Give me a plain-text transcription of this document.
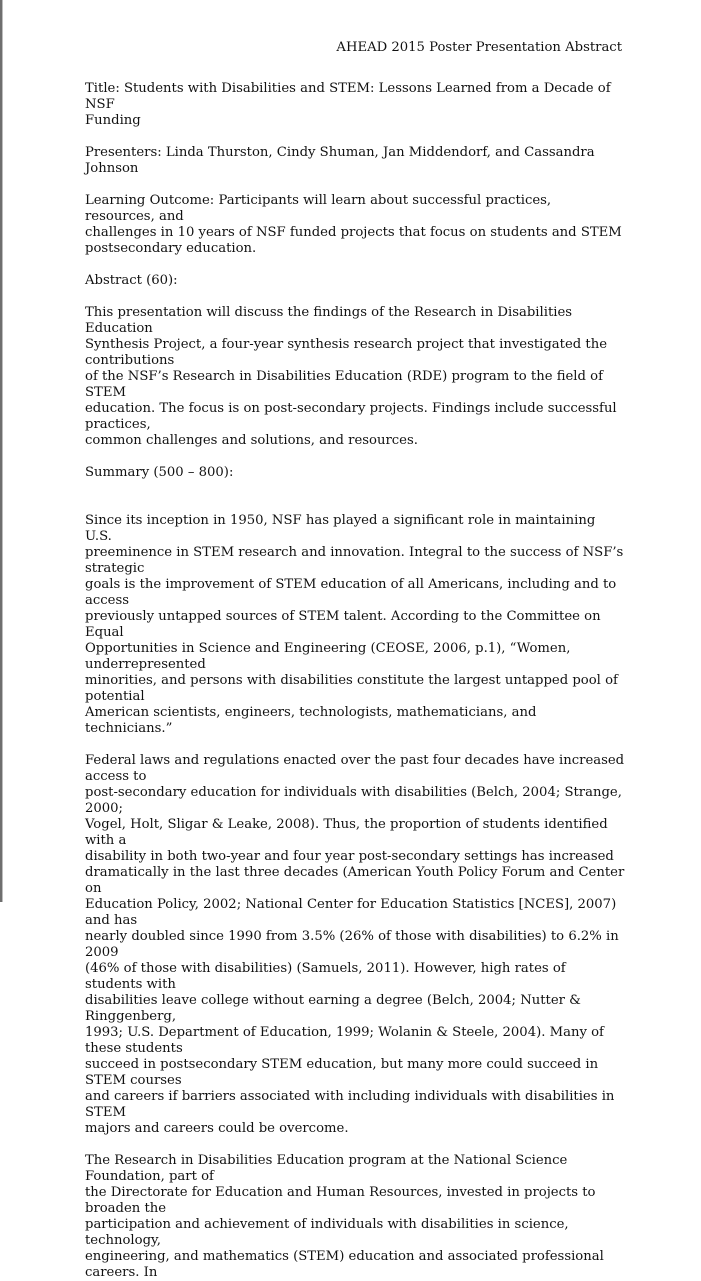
AHEAD 2015 Poster Presentation Abstract

Title: Students with Disabilities and STEM: Lessons Learned from a Decade of NSF
Funding

Presenters: Linda Thurston, Cindy Shuman, Jan Middendorf, and Cassandra Johnson

Learning Outcome: Participants will learn about successful practices, resources, and
challenges in 10 years of NSF funded projects that focus on students and STEM
postsecondary education.

Abstract (60):

This presentation will discuss the findings of the Research in Disabilities Education
Synthesis Project, a four-year synthesis research project that investigated the contributions
of the NSF’s Research in Disabilities Education (RDE) program to the field of STEM
education. The focus is on post-secondary projects. Findings include successful practices,
common challenges and solutions, and resources.

Summary (500 – 800):

Since its inception in 1950, NSF has played a significant role in maintaining U.S.
preeminence in STEM research and innovation. Integral to the success of NSF’s strategic
goals is the improvement of STEM education of all Americans, including and to access
previously untapped sources of STEM talent. According to the Committee on Equal
Opportunities in Science and Engineering (CEOSE, 2006, p.1), “Women, underrepresented
minorities, and persons with disabilities constitute the largest untapped pool of potential
American scientists, engineers, technologists, mathematicians, and technicians.”

Federal laws and regulations enacted over the past four decades have increased access to
post-secondary education for individuals with disabilities (Belch, 2004; Strange, 2000;
Vogel, Holt, Sligar & Leake, 2008). Thus, the proportion of students identified with a
disability in both two-year and four year post-secondary settings has increased
dramatically in the last three decades (American Youth Policy Forum and Center on
Education Policy, 2002; National Center for Education Statistics [NCES], 2007) and has
nearly doubled since 1990 from 3.5% (26% of those with disabilities) to 6.2% in 2009
(46% of those with disabilities) (Samuels, 2011). However, high rates of students with
disabilities leave college without earning a degree (Belch, 2004; Nutter & Ringgenberg,
1993; U.S. Department of Education, 1999; Wolanin & Steele, 2004). Many of these students
succeed in postsecondary STEM education, but many more could succeed in STEM courses
and careers if barriers associated with including individuals with disabilities in STEM
majors and careers could be overcome.

The Research in Disabilities Education program at the National Science Foundation, part of
the Directorate for Education and Human Resources, invested in projects to broaden the
participation and achievement of individuals with disabilities in science, technology,
engineering, and mathematics (STEM) education and associated professional careers. In
